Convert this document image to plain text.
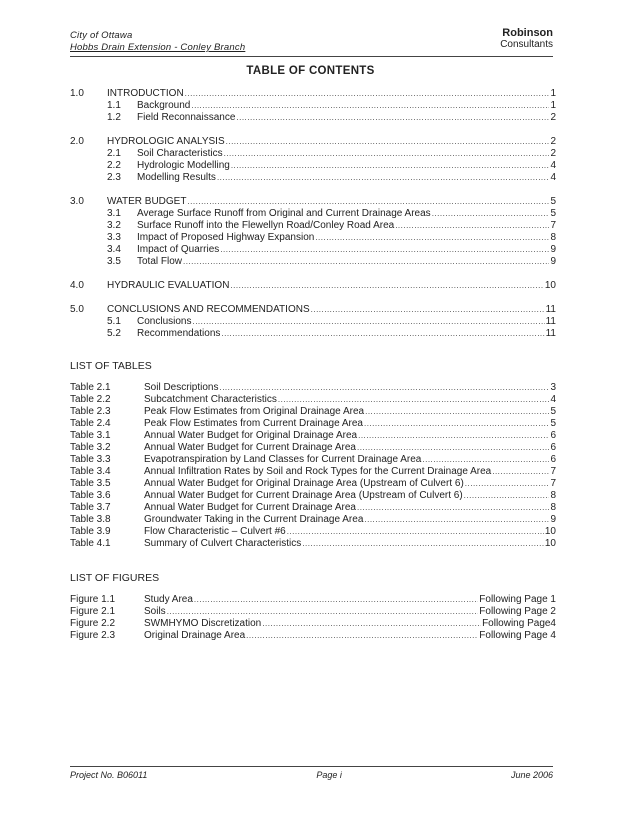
City of Ottawa
Hobbs Drain Extension - Conley Branch
Robinson
Consultants
TABLE OF CONTENTS
1.0	INTRODUCTION .....	1
1.1	Background .....	1
1.2	Field Reconnaissance .....	2
2.0	HYDROLOGIC ANALYSIS .....	2
2.1	Soil Characteristics .....	2
2.2	Hydrologic Modelling .....	4
2.3	Modelling Results .....	4
3.0	WATER BUDGET .....	5
3.1	Average Surface Runoff from Original and Current Drainage Areas .....	5
3.2	Surface Runoff into the Flewellyn Road/Conley Road Area .....	7
3.3	Impact of Proposed Highway Expansion .....	8
3.4	Impact of Quarries .....	9
3.5	Total Flow .....	9
4.0	HYDRAULIC EVALUATION .....	10
5.0	CONCLUSIONS AND RECOMMENDATIONS .....	11
5.1	Conclusions .....	11
5.2	Recommendations .....	11
LIST OF TABLES
Table 2.1	Soil Descriptions .....	3
Table 2.2	Subcatchment Characteristics .....	4
Table 2.3	Peak Flow Estimates from Original Drainage Area .....	5
Table 2.4	Peak Flow Estimates from Current Drainage Area .....	5
Table 3.1	Annual Water Budget for Original Drainage Area .....	6
Table 3.2	Annual Water Budget for Current Drainage Area .....	6
Table 3.3	Evapotranspiration by Land Classes for Current Drainage Area .....	6
Table 3.4	Annual Infiltration Rates by Soil and Rock Types for the Current Drainage Area .....	7
Table 3.5	Annual Water Budget for Original Drainage Area (Upstream of Culvert 6) .....	7
Table 3.6	Annual Water Budget for Current Drainage Area (Upstream of Culvert 6) .....	8
Table 3.7	Annual Water Budget for Current Drainage Area .....	8
Table 3.8	Groundwater Taking in the Current Drainage Area .....	9
Table 3.9	Flow Characteristic – Culvert #6 .....	10
Table 4.1	Summary of Culvert Characteristics .....	10
LIST OF FIGURES
Figure 1.1	Study Area .....	Following Page 1
Figure 2.1	Soils .....	Following Page 2
Figure 2.2	SWMHYMO Discretization .....	Following Page4
Figure 2.3	Original Drainage Area .....	Following Page 4
Project No. B06011	Page i	June 2006
